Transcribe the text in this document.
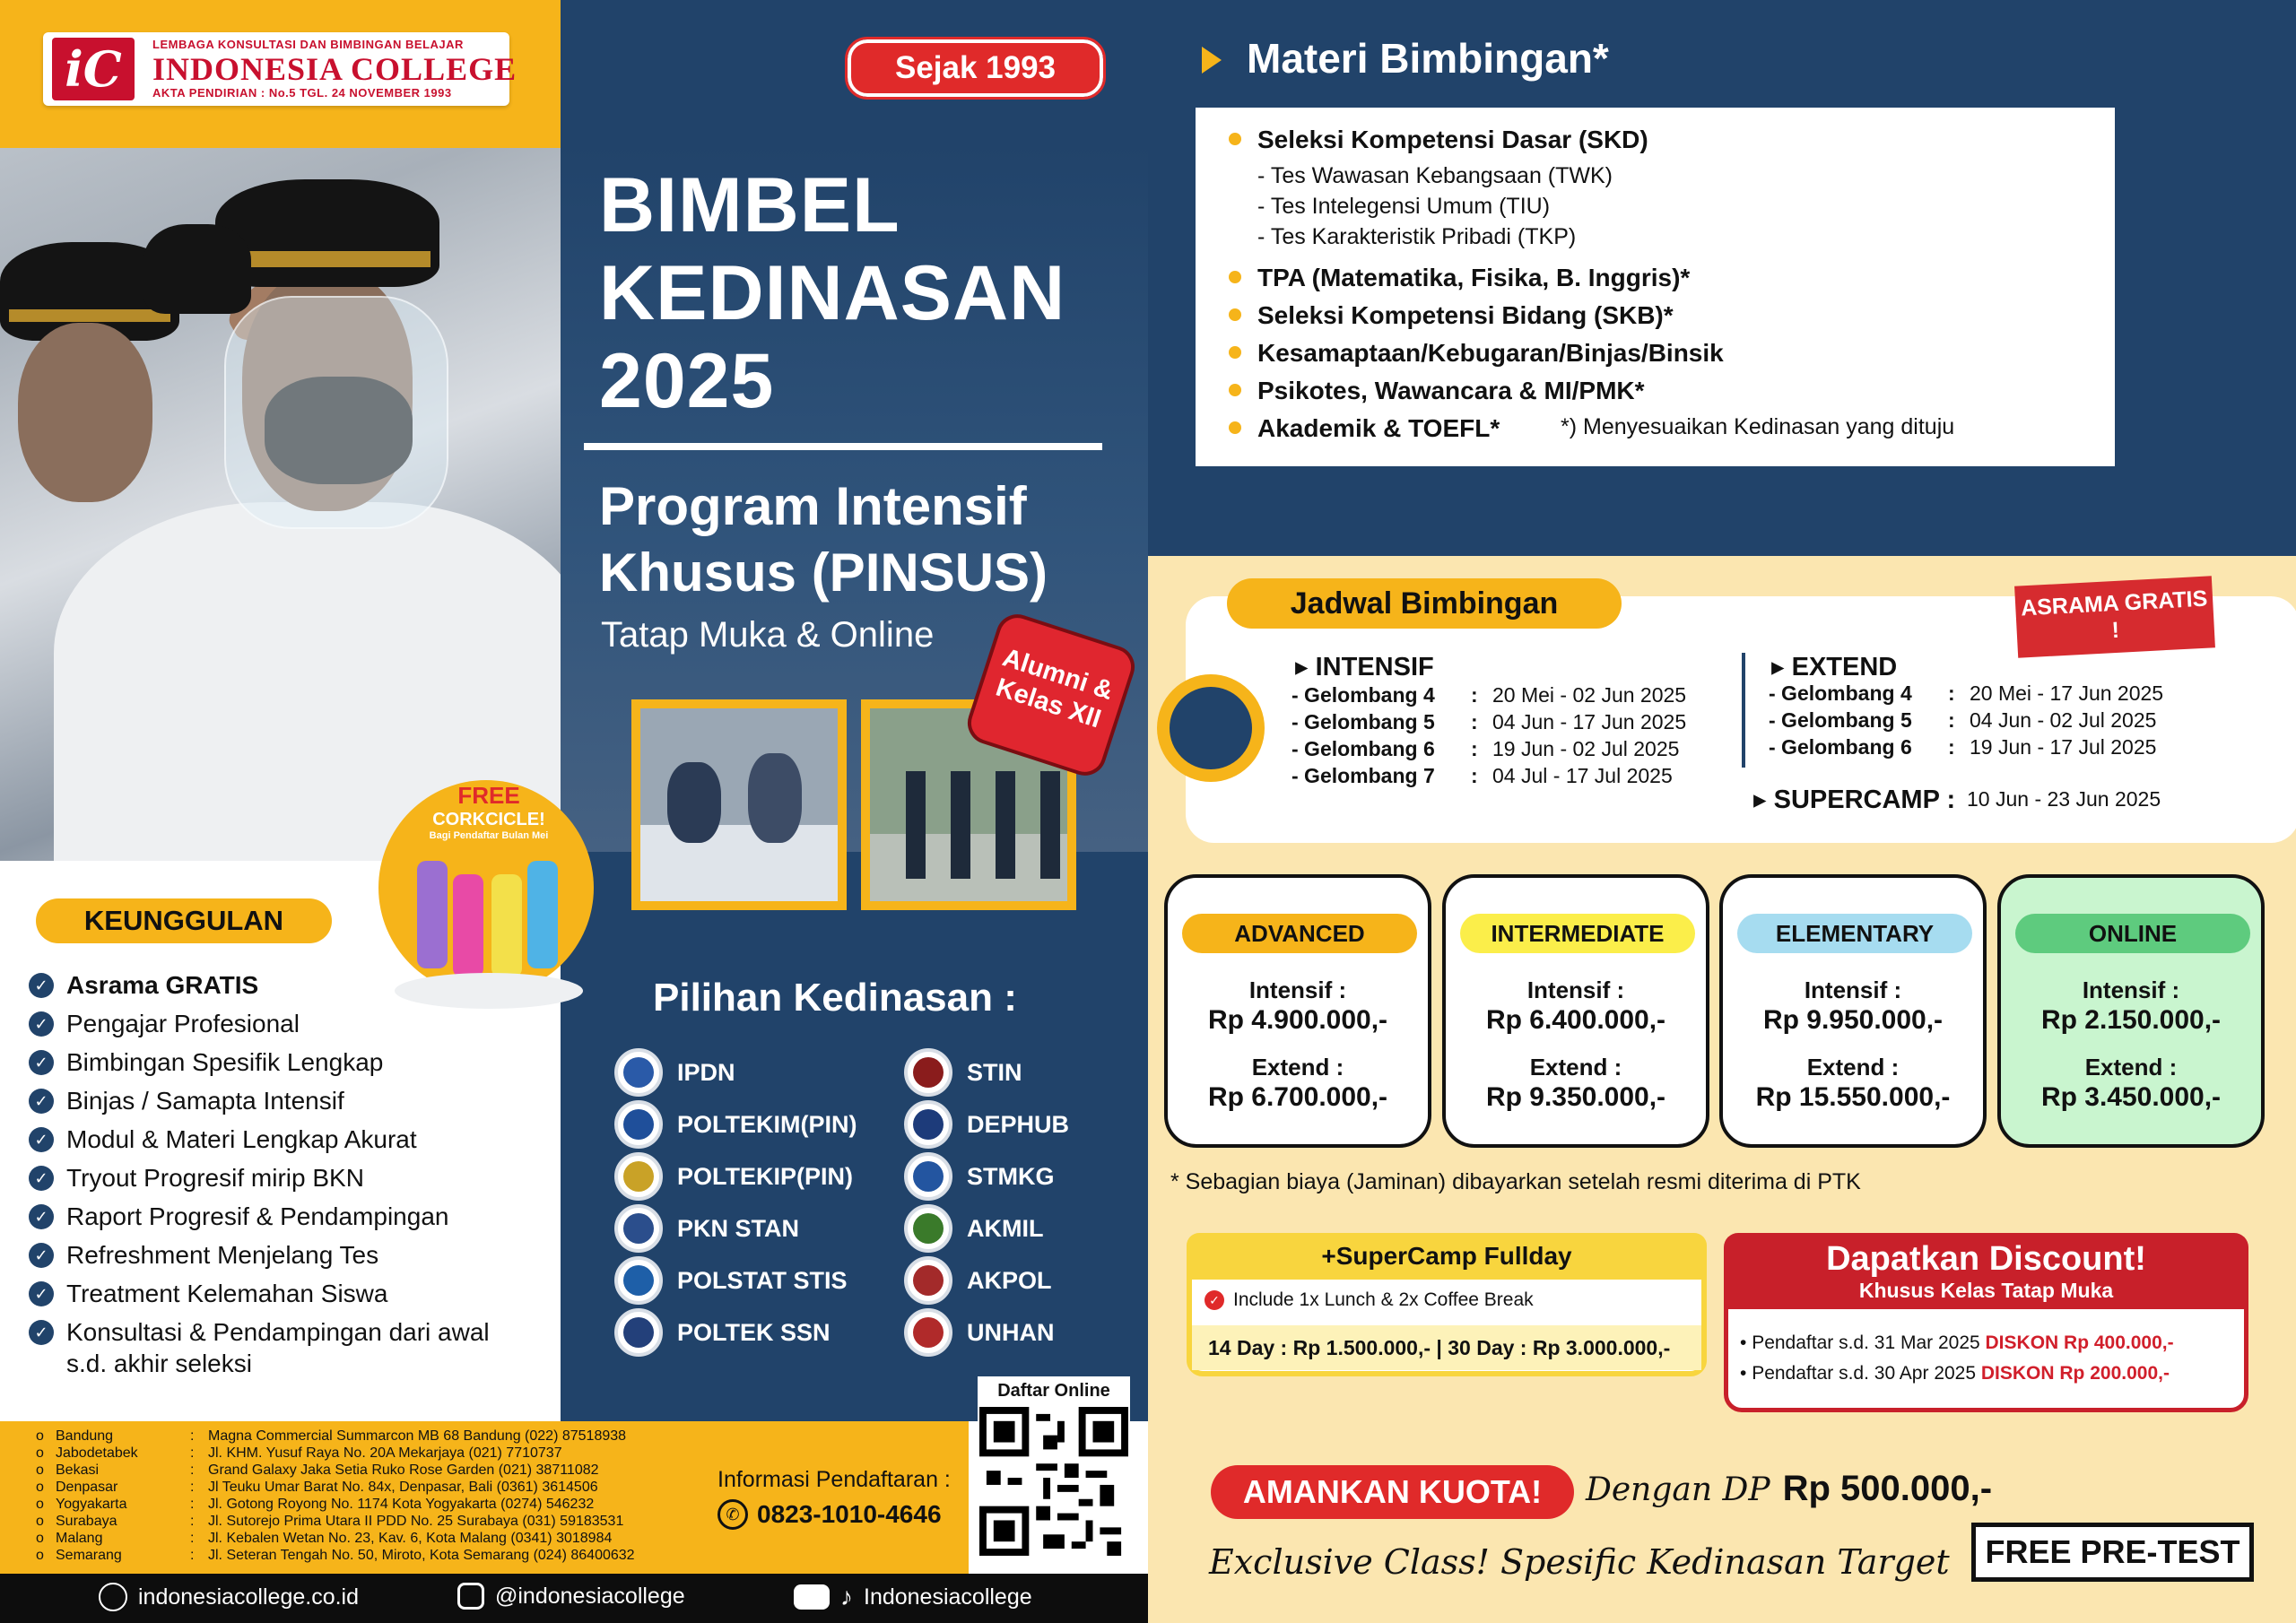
iC	LEMBAGA KONSULTASI DAN BIMBINGAN BELAJAR
INDONESIA COLLEGE
AKTA PENDIRIAN : No.5 TGL. 24 NOVEMBER 1993
Sejak 1993
BIMBEL
KEDINASAN
2025
Program Intensif
Khusus (PINSUS)
Tatap Muka & Online
Alumni & Kelas XII
Pilihan Kedinasan :
IPDN
POLTEKIM(PIN)
POLTEKIP(PIN)
PKN STAN
POLSTAT STIS
POLTEK SSN
STIN
DEPHUB
STMKG
AKMIL
AKPOL
UNHAN
FREE
CORKCICLE!
Bagi Pendaftar Bulan Mei
KEUNGGULAN
✓ Asrama GRATIS
✓ Pengajar Profesional
✓ Bimbingan Spesifik Lengkap
✓ Binjas / Samapta Intensif
✓ Modul & Materi Lengkap Akurat
✓ Tryout Progresif mirip BKN
✓ Raport Progresif & Pendampingan
✓ Refreshment Menjelang Tes
✓ Treatment Kelemahan Siswa
✓ Konsultasi & Pendampingan dari awal
s.d. akhir seleksi
o Bandung	: Magna Commercial Summarcon MB 68 Bandung (022) 87518938
o Jabodetabek	: Jl. KHM. Yusuf Raya No. 20A Mekarjaya (021) 7710737
o Bekasi	: Grand Galaxy Jaka Setia Ruko Rose Garden (021) 38711082
o Denpasar	: Jl Teuku Umar Barat No. 84x, Denpasar, Bali (0361) 3614506
o Yogyakarta	: Jl. Gotong Royong No. 1174 Kota Yogyakarta (0274) 546232
o Surabaya	: Jl. Sutorejo Prima Utara II PDD No. 25 Surabaya (031) 59183531
o Malang	: Jl. Kebalen Wetan No. 23, Kav. 6, Kota Malang (0341) 3018984
o Semarang	: Jl. Seteran Tengah No. 50, Miroto, Kota Semarang (024) 86400632
Informasi Pendaftaran :
✆ 0823-1010-4646
Daftar Online
indonesiacollege.co.id	@indonesiacollege	♪ Indonesiacollege
Materi Bimbingan*
Seleksi Kompetensi Dasar (SKD)
- Tes Wawasan Kebangsaan (TWK)
- Tes Intelegensi Umum (TIU)
- Tes Karakteristik Pribadi (TKP)
TPA (Matematika, Fisika, B. Inggris)*
Seleksi Kompetensi Bidang (SKB)*
Kesamaptaan/Kebugaran/Binjas/Binsik
Psikotes, Wawancara & MI/PMK*
Akademik & TOEFL*	*) Menyesuaikan Kedinasan yang dituju
Jadwal Bimbingan	ASRAMA GRATIS !
▸ INTENSIF
- Gelombang 4	: 20 Mei - 02 Jun 2025
- Gelombang 5	: 04 Jun - 17 Jun 2025
- Gelombang 6	: 19 Jun - 02 Jul 2025
- Gelombang 7	: 04 Jul - 17 Jul 2025
▸ EXTEND
- Gelombang 4	: 20 Mei - 17 Jun 2025
- Gelombang 5	: 04 Jun - 02 Jul 2025
- Gelombang 6	: 19 Jun - 17 Jul 2025
▸ SUPERCAMP : 10 Jun - 23 Jun 2025
ADVANCED
Intensif :
Rp 4.900.000,-
Extend :
Rp 6.700.000,-
INTERMEDIATE
Intensif :
Rp 6.400.000,-
Extend :
Rp 9.350.000,-
ELEMENTARY
Intensif :
Rp 9.950.000,-
Extend :
Rp 15.550.000,-
ONLINE
Intensif :
Rp 2.150.000,-
Extend :
Rp 3.450.000,-
* Sebagian biaya (Jaminan) dibayarkan setelah resmi diterima di PTK
+SuperCamp Fullday
✓ Include 1x Lunch & 2x Coffee Break
14 Day : Rp 1.500.000,- | 30 Day : Rp 3.000.000,-
Dapatkan Discount!
Khusus Kelas Tatap Muka
• Pendaftar s.d. 31 Mar 2025 DISKON Rp 400.000,-
• Pendaftar s.d. 30 Apr 2025 DISKON Rp 200.000,-
AMANKAN KUOTA!	Dengan DP Rp 500.000,-
Exclusive Class! Spesific Kedinasan Target	FREE PRE-TEST
